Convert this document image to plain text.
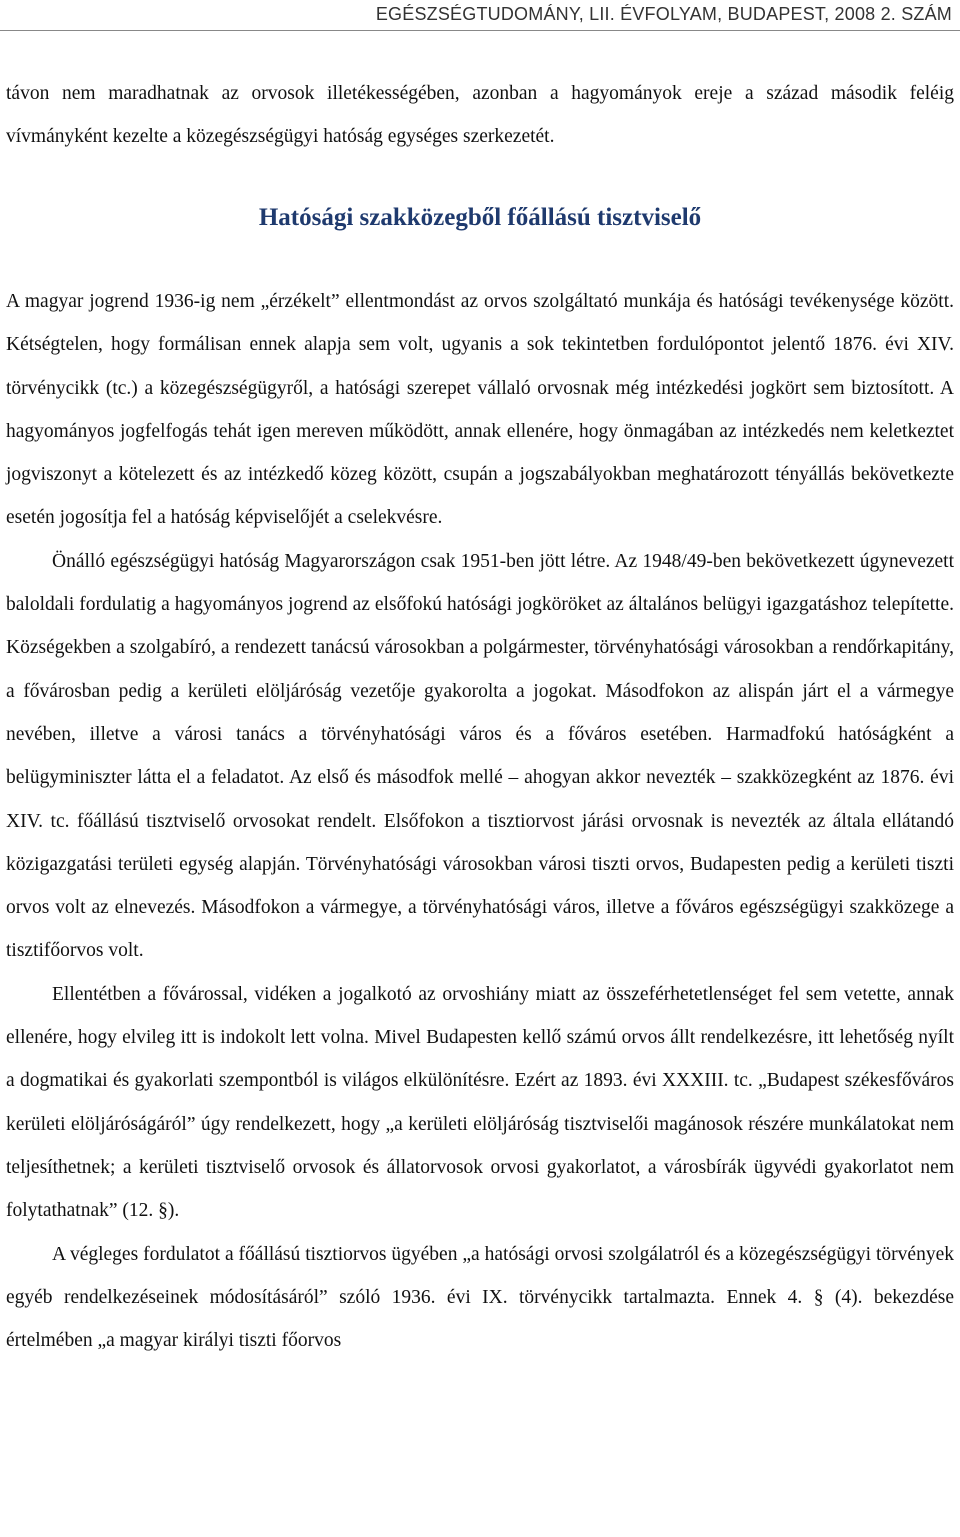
EGÉSZSÉGTUDOMÁNY, LII. ÉVFOLYAM, BUDAPEST, 2008 2. SZÁM

távon nem maradhatnak az orvosok illetékességében, azonban a hagyományok ereje a század második feléig vívmányként kezelte a közegészségügyi hatóság egységes szerkezetét.

Hatósági szakközegből főállású tisztviselő

A magyar jogrend 1936-ig nem „érzékelt” ellentmondást az orvos szolgáltató munkája és hatósági tevékenysége között. Kétségtelen, hogy formálisan ennek alapja sem volt, ugyanis a sok tekintetben fordulópontot jelentő 1876. évi XIV. törvénycikk (tc.) a közegészségügyről, a hatósági szerepet vállaló orvosnak még intézkedési jogkört sem biztosított. A hagyományos jogfelfogás tehát igen mereven működött, annak ellenére, hogy önmagában az intézkedés nem keletkeztet jogviszonyt a kötelezett és az intézkedő közeg között, csupán a jogszabályokban meghatározott tényállás bekövetkezte esetén jogosítja fel a hatóság képviselőjét a cselekvésre.

Önálló egészségügyi hatóság Magyarországon csak 1951-ben jött létre. Az 1948/49-ben bekövetkezett úgynevezett baloldali fordulatig a hagyományos jogrend az elsőfokú hatósági jogköröket az általános belügyi igazgatáshoz telepítette. Községekben a szolgabíró, a rendezett tanácsú városokban a polgármester, törvényhatósági városokban a rendőrkapitány, a fővárosban pedig a kerületi elöljáróság vezetője gyakorolta a jogokat. Másodfokon az alispán járt el a vármegye nevében, illetve a városi tanács a törvényhatósági város és a főváros esetében. Harmadfokú hatóságként a belügyminiszter látta el a feladatot. Az első és másodfok mellé – ahogyan akkor nevezték – szakközegként az 1876. évi XIV. tc. főállású tisztviselő orvosokat rendelt. Elsőfokon a tisztiorvost járási orvosnak is nevezték az általa ellátandó közigazgatási területi egység alapján. Törvényhatósági városokban városi tiszti orvos, Budapesten pedig a kerületi tiszti orvos volt az elnevezés. Másodfokon a vármegye, a törvényhatósági város, illetve a főváros egészségügyi szakközege a tisztifőorvos volt.

Ellentétben a fővárossal, vidéken a jogalkotó az orvoshiány miatt az összeférhetetlenséget fel sem vetette, annak ellenére, hogy elvileg itt is indokolt lett volna. Mivel Budapesten kellő számú orvos állt rendelkezésre, itt lehetőség nyílt a dogmatikai és gyakorlati szempontból is világos elkülönítésre. Ezért az 1893. évi XXXIII. tc. „Budapest székesfőváros kerületi elöljáróságáról” úgy rendelkezett, hogy „a kerületi elöljáróság tisztviselői magánosok részére munkálatokat nem teljesíthetnek; a kerületi tisztviselő orvosok és állatorvosok orvosi gyakorlatot, a városbírák ügyvédi gyakorlatot nem folytathatnak” (12. §).

A végleges fordulatot a főállású tisztiorvos ügyében „a hatósági orvosi szolgálatról és a közegészségügyi törvények egyéb rendelkezéseinek módosításáról” szóló 1936. évi IX. törvénycikk tartalmazta. Ennek 4. § (4). bekezdése értelmében „a magyar királyi tiszti főorvos
